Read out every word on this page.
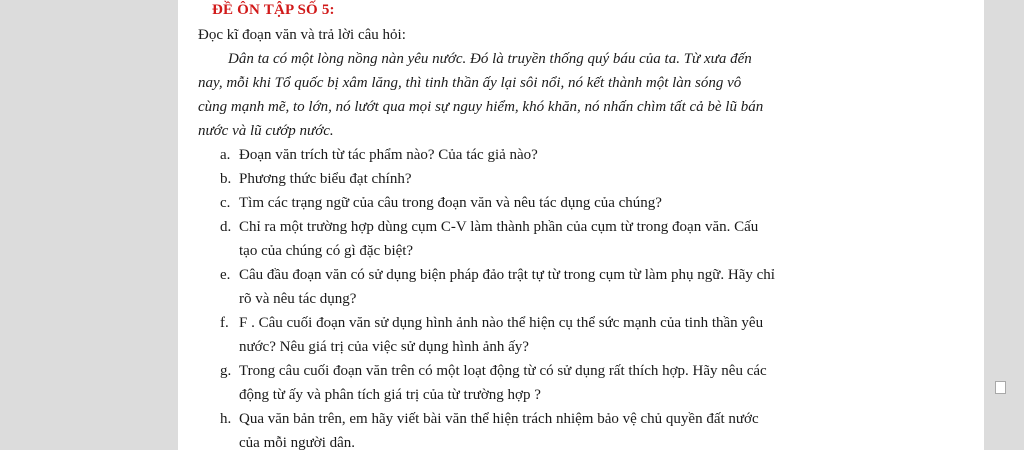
ĐỀ ÔN TẬP SỐ 5:
Đọc kĩ đoạn văn và trả lời câu hỏi:

Dân ta có một lòng nồng nàn yêu nước. Đó là truyền thống quý báu của ta. Từ xưa đến nay, mỗi khi Tổ quốc bị xâm lăng, thì tinh thần ấy lại sôi nổi, nó kết thành một làn sóng vô cùng mạnh mẽ, to lớn, nó lướt qua mọi sự nguy hiểm, khó khăn, nó nhấn chìm tất cả bè lũ bán nước và lũ cướp nước.

a. Đoạn văn trích từ tác phẩm nào? Của tác giả nào?
b. Phương thức biểu đạt chính?
c. Tìm các trạng ngữ của câu trong đoạn văn và nêu tác dụng của chúng?
d. Chỉ ra một trường hợp dùng cụm C-V làm thành phần của cụm từ trong đoạn văn. Cấu tạo của chúng có gì đặc biệt?
e. Câu đầu đoạn văn có sử dụng biện pháp đảo trật tự từ trong cụm từ làm phụ ngữ. Hãy chỉ rõ và nêu tác dụng?
f. F . Câu cuối đoạn văn sử dụng hình ảnh nào thể hiện cụ thể sức mạnh của tinh thần yêu nước? Nêu giá trị của việc sử dụng hình ảnh ấy?
g. Trong câu cuối đoạn văn trên có một loạt động từ có sử dụng rất thích hợp. Hãy nêu các động từ ấy và phân tích giá trị của từ trường hợp ?
h. Qua văn bản trên, em hãy viết bài văn thể hiện trách nhiệm bảo vệ chủ quyền đất nước của mỗi người dân.
